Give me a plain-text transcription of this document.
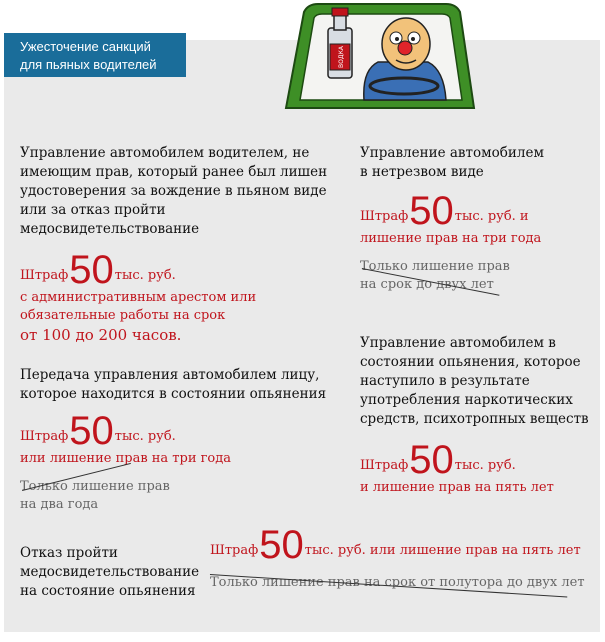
ВОДКА
Ужесточение санкций
для пьяных водителей
Управление автомобилем водителем, не
имеющим прав, который ранее был лишен
удостоверения за вождение в пьяном виде
или за отказ пройти медосвидетельствование
Штраф 50 тыс. руб.
с административным арестом или
обязательные работы на срок
от 100 до 200 часов.
Управление автомобилем
в нетрезвом виде
Штраф 50 тыс. руб. и
лишение прав на три года
Только лишение прав
на срок до двух лет
Передача управления автомобилем лицу,
которое находится в состоянии опьянения
Штраф 50 тыс. руб.
или лишение прав на три года
Только лишение прав
на два года
Управление автомобилем в
состоянии опьянения, которое
наступило в результате
употребления наркотических
средств, психотропных веществ
Штраф 50 тыс. руб.
и лишение прав на пять лет
Отказ пройти
медосвидетельствование
на состояние опьянения
Штраф 50 тыс. руб. или лишение прав на пять лет
Только лишение прав на срок от полутора до двух лет
